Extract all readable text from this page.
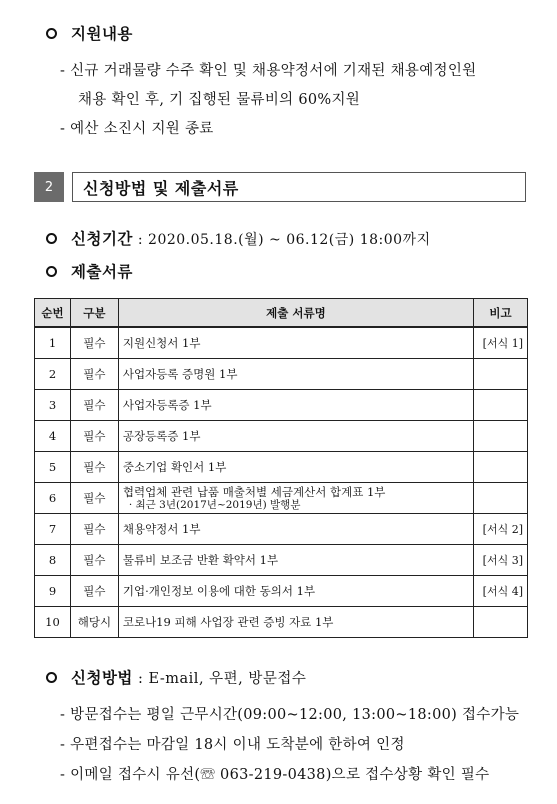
지원내용
- 신규 거래물량 수주 확인 및 채용약정서에 기재된 채용예정인원
채용 확인 후, 기 집행된 물류비의 60%지원
- 예산 소진시 지원 종료
2	신청방법 및 제출서류
신청기간 : 2020.05.18.(월) ~ 06.12(금) 18:00까지
제출서류
순번	구분	제출 서류명	비고
1	필수	지원신청서 1부	[서식 1]
2	필수	사업자등록 증명원 1부	
3	필수	사업자등록증 1부	
4	필수	공장등록증 1부	
5	필수	중소기업 확인서 1부	
6	필수	협력업체 관련 납품 매출처별 세금계산서 합계표 1부
· 최근 3년(2017년~2019년) 발행분	

7	필수	채용약정서 1부	[서식 2]
8	필수	물류비 보조금 반환 확약서 1부	[서식 3]
9	필수	기업·개인정보 이용에 대한 동의서 1부	[서식 4]
10	해당시	코로나19 피해 사업장 관련 증빙 자료 1부	
신청방법 : E-mail, 우편, 방문접수
- 방문접수는 평일 근무시간(09:00~12:00, 13:00~18:00) 접수가능
- 우편접수는 마감일 18시 이내 도착분에 한하여 인정
- 이메일 접수시 유선(☏ 063-219-0438)으로 접수상황 확인 필수
